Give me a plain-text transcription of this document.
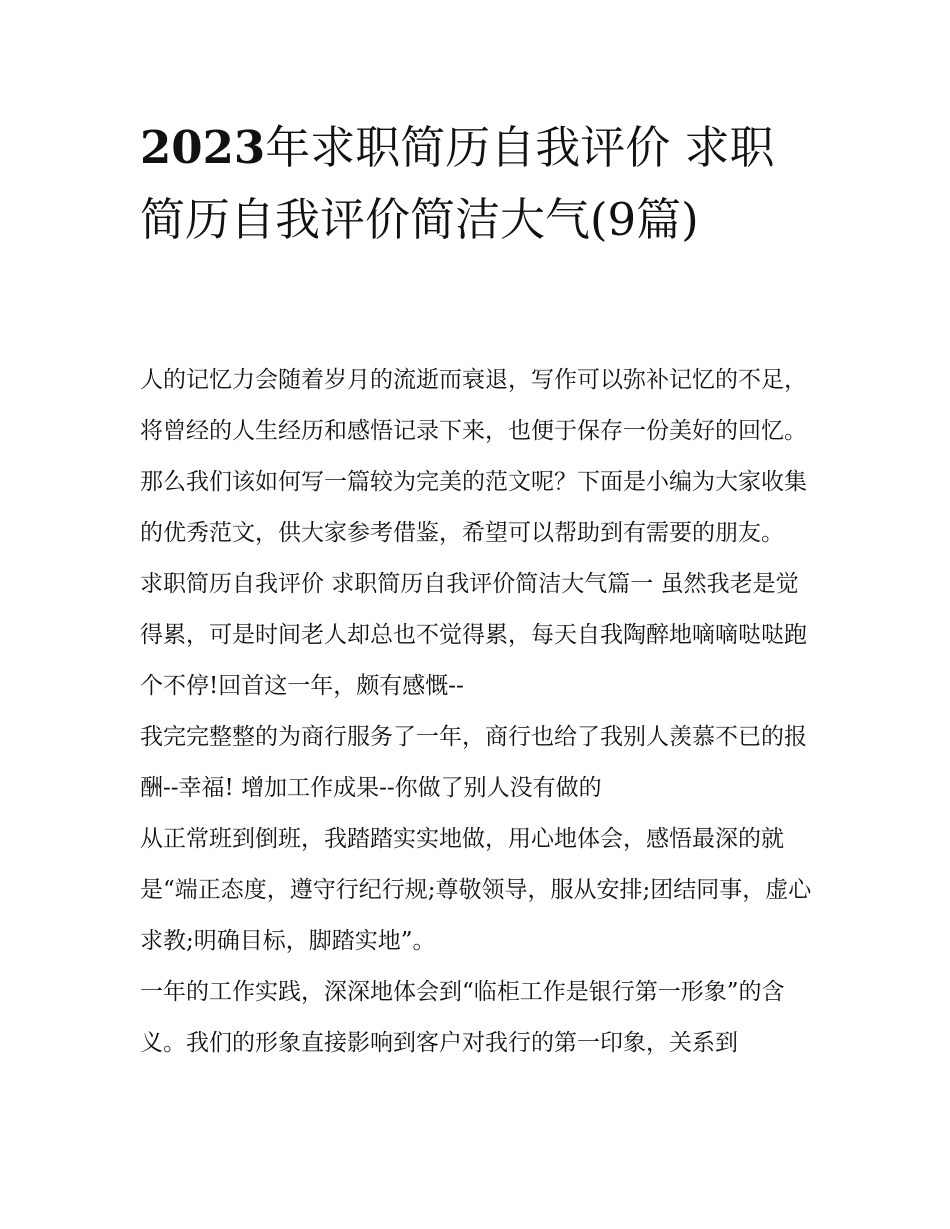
2023年求职简历自我评价 求职简历自我评价简洁大气(9篇)

人的记忆力会随着岁月的流逝而衰退，写作可以弥补记忆的不足，将曾经的人生经历和感悟记录下来，也便于保存一份美好的回忆。那么我们该如何写一篇较为完美的范文呢？下面是小编为大家收集的优秀范文，供大家参考借鉴，希望可以帮助到有需要的朋友。

求职简历自我评价 求职简历自我评价简洁大气篇一 虽然我老是觉得累，可是时间老人却总也不觉得累，每天自我陶醉地嘀嘀哒哒跑个不停!回首这一年，颇有感慨--

我完完整整的为商行服务了一年，商行也给了我别人羡慕不已的报酬--幸福! 增加工作成果--你做了别人没有做的

从正常班到倒班，我踏踏实实地做，用心地体会，感悟最深的就是“端正态度，遵守行纪行规;尊敬领导，服从安排;团结同事，虚心求教;明确目标，脚踏实地”。

一年的工作实践，深深地体会到“临柜工作是银行第一形象”的含义。我们的形象直接影响到客户对我行的第一印象，关系到
